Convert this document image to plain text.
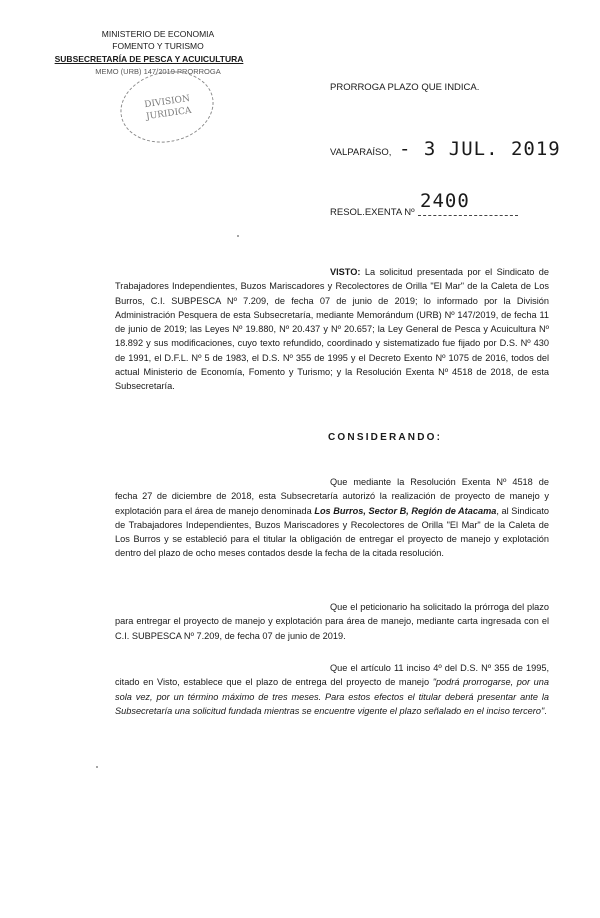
MINISTERIO DE ECONOMIA
FOMENTO Y TURISMO
SUBSECRETARÍA DE PESCA Y ACUICULTURA
MEMO (URB) 147/2019 PRORROGA
DIVISION
JURIDICA
PRORROGA PLAZO QUE INDICA.
VALPARAÍSO, - 3 JUL. 2019
RESOL.EXENTA Nº
2400
VISTO: La solicitud presentada por el Sindicato de Trabajadores Independientes, Buzos Mariscadores y Recolectores de Orilla "El Mar" de la Caleta de Los Burros, C.I. SUBPESCA Nº 7.209, de fecha 07 de junio de 2019; lo informado por la División Administración Pesquera de esta Subsecretaría, mediante Memorándum (URB) Nº 147/2019, de fecha 11 de junio de 2019; las Leyes Nº 19.880, Nº 20.437 y Nº 20.657; la Ley General de Pesca y Acuicultura Nº 18.892 y sus modificaciones, cuyo texto refundido, coordinado y sistematizado fue fijado por D.S. Nº 430 de 1991, el D.F.L. Nº 5 de 1983, el D.S. Nº 355 de 1995 y el Decreto Exento Nº 1075 de 2016, todos del actual Ministerio de Economía, Fomento y Turismo; y la Resolución Exenta Nº 4518 de 2018, de esta Subsecretaría.
CONSIDERANDO:
Que mediante la Resolución Exenta Nº 4518 de fecha 27 de diciembre de 2018, esta Subsecretaría autorizó la realización de proyecto de manejo y explotación para el área de manejo denominada Los Burros, Sector B, Región de Atacama, al Sindicato de Trabajadores Independientes, Buzos Mariscadores y Recolectores de Orilla "El Mar" de la Caleta de Los Burros y se estableció para el titular la obligación de entregar el proyecto de manejo y explotación dentro del plazo de ocho meses contados desde la fecha de la citada resolución.
Que el peticionario ha solicitado la prórroga del plazo para entregar el proyecto de manejo y explotación para área de manejo, mediante carta ingresada con el C.I. SUBPESCA Nº 7.209, de fecha 07 de junio de 2019.
Que el artículo 11 inciso 4º del D.S. Nº 355 de 1995, citado en Visto, establece que el plazo de entrega del proyecto de manejo "podrá prorrogarse, por una sola vez, por un término máximo de tres meses. Para estos efectos el titular deberá presentar ante la Subsecretaría una solicitud fundada mientras se encuentre vigente el plazo señalado en el inciso tercero".
